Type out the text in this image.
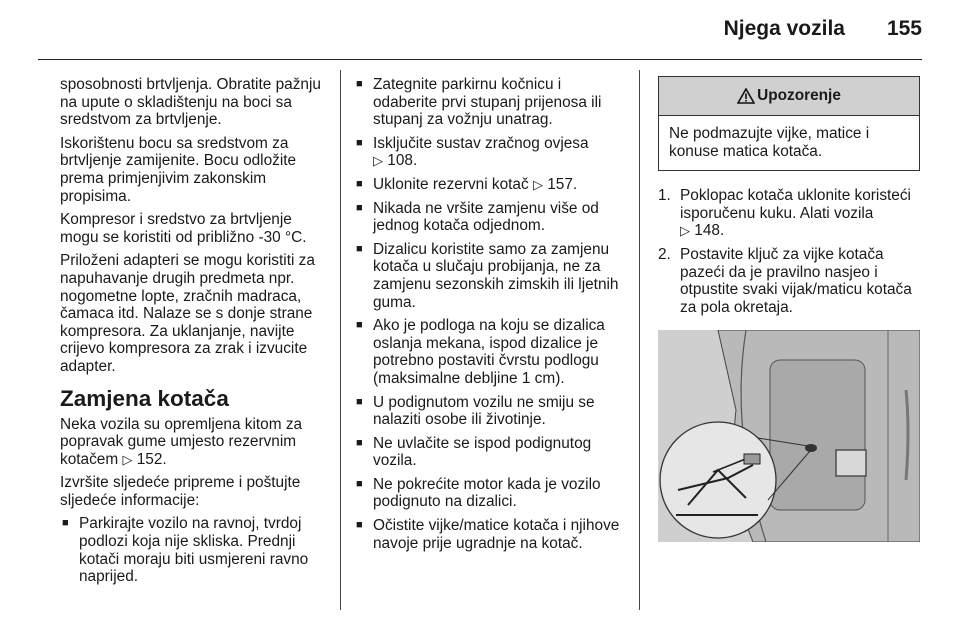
Njega vozila 155

sposobnosti brtvljenja. Obratite pažnju na upute o skladištenju na boci sa sredstvom za brtvljenje.

Iskorištenu bocu sa sredstvom za brtvljenje zamijenite. Bocu odložite prema primjenjivim zakonskim propisima.

Kompresor i sredstvo za brtvljenje mogu se koristiti od približno -30 °C.

Priloženi adapteri se mogu koristiti za napuhavanje drugih predmeta npr. nogometne lopte, zračnih madraca, čamaca itd. Nalaze se s donje strane kompresora. Za uklanjanje, navijte crijevo kompresora za zrak i izvucite adapter.

Zamjena kotača

Neka vozila su opremljena kitom za popravak gume umjesto rezervnim kotačem ▷ 152.

Izvršite sljedeće pripreme i poštujte sljedeće informacije:

■ Parkirajte vozilo na ravnoj, tvrdoj podlozi koja nije skliska. Prednji kotači moraju biti usmjereni ravno naprijed.
■ Zategnite parkirnu kočnicu i odaberite prvi stupanj prijenosa ili stupanj za vožnju unatrag.
■ Isključite sustav zračnog ovjesa
▷ 108.
■ Uklonite rezervni kotač ▷ 157.
■ Nikada ne vršite zamjenu više od jednog kotača odjednom.
■ Dizalicu koristite samo za zamjenu kotača u slučaju probijanja, ne za zamjenu sezonskih zimskih ili ljetnih guma.
■ Ako je podloga na koju se dizalica oslanja mekana, ispod dizalice je potrebno postaviti čvrstu podlogu (maksimalne debljine 1 cm).
■ U podignutom vozilu ne smiju se nalaziti osobe ili životinje.
■ Ne uvlačite se ispod podignutog vozila.
■ Ne pokrećite motor kada je vozilo podignuto na dizalici.
■ Očistite vijke/matice kotača i njihove navoje prije ugradnje na kotač.
Upozorenje
Ne podmazujte vijke, matice i konuse matica kotača.
1. Poklopac kotača uklonite koristeći isporučenu kuku. Alati vozila
▷ 148.
2. Postavite ključ za vijke kotača pazeći da je pravilno nasjeo i otpustite svaki vijak/maticu kotača za pola okretaja.
